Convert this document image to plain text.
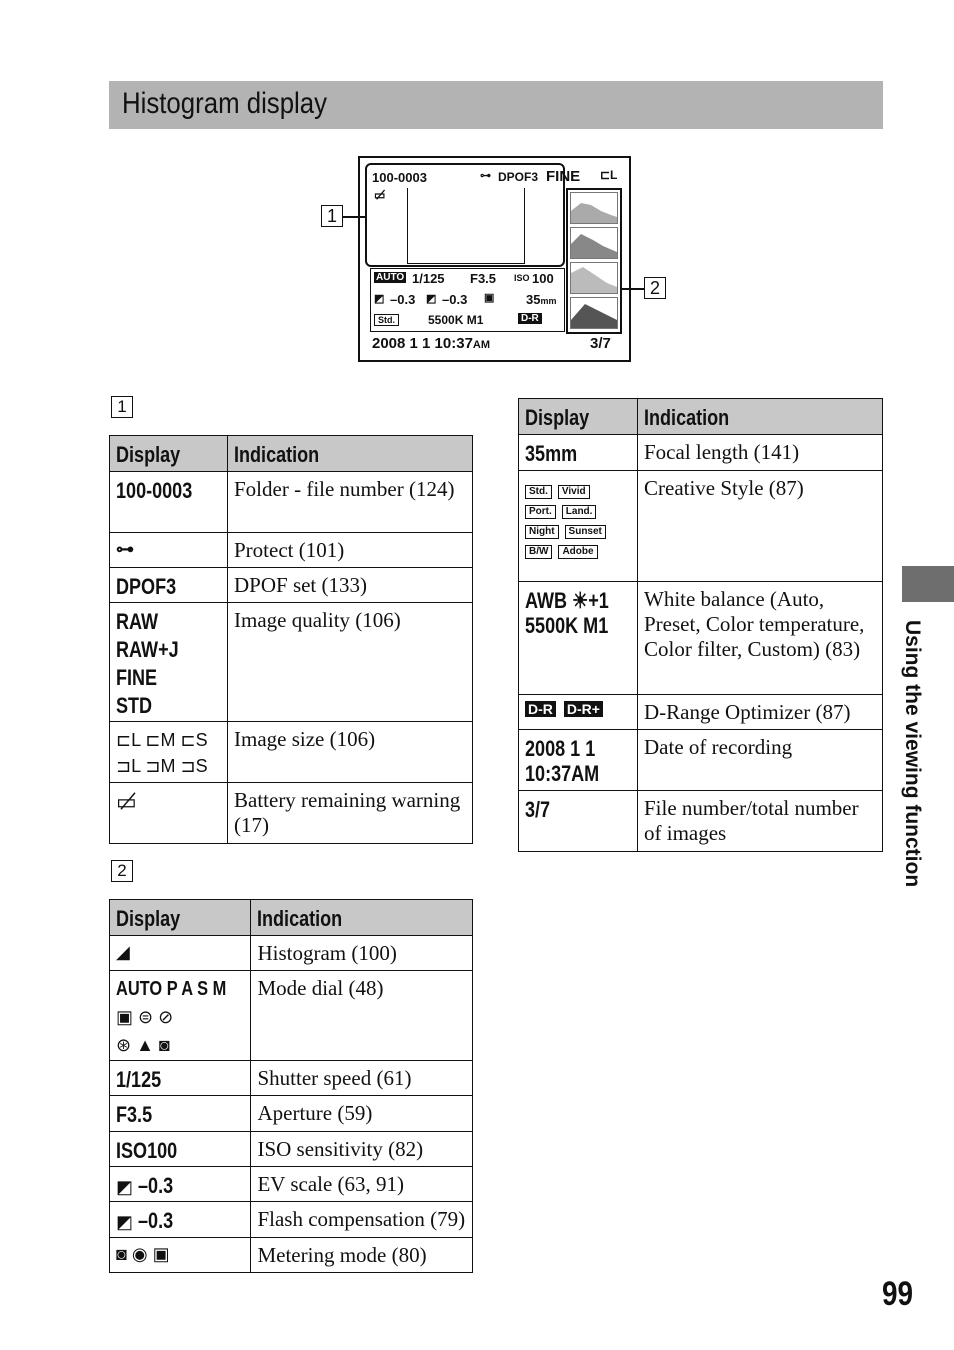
Histogram display
100-0003	⊶ DPOF3 FINE ⊏L
▭̸
AUTO 1/125 F3.5 ISO 100
◩ –0.3 ◩ –0.3 ▣ 35mm
Std.	5500K M1	D-R
2008 1 1 10:37AM	3/7
1
2
1
Display	Indication
100-0003	Folder - file number (124)
⊶	Protect (101)
DPOF3	DPOF set (133)
RAW
RAW+J
FINE
STD	Image quality (106)
⊏L ⊏M ⊏S
⊐L ⊐M ⊐S	Image size (106)
▭̸	Battery remaining warning (17)
2
Display	Indication
◢	Histogram (100)
AUTO P A S M
▣ ⊜ ⊘
⊛ ▲ ◙	Mode dial (48)
1/125	Shutter speed (61)
F3.5	Aperture (59)
ISO100	ISO sensitivity (82)
◩ –0.3	EV scale (63, 91)
◩ –0.3	Flash compensation (79)
◙ ◉ ▣	Metering mode (80)
Display	Indication
35mm	Focal length (141)
Std. Vivid
Port. Land.
Night Sunset
B/W Adobe	Creative Style (87)
AWB ☀+1
5500K M1	White balance (Auto, Preset, Color temperature, Color filter, Custom) (83)
D-R D-R+	D-Range Optimizer (87)
2008 1 1
10:37AM	Date of recording
3/7	File number/total number of images	Using the viewing function
99
